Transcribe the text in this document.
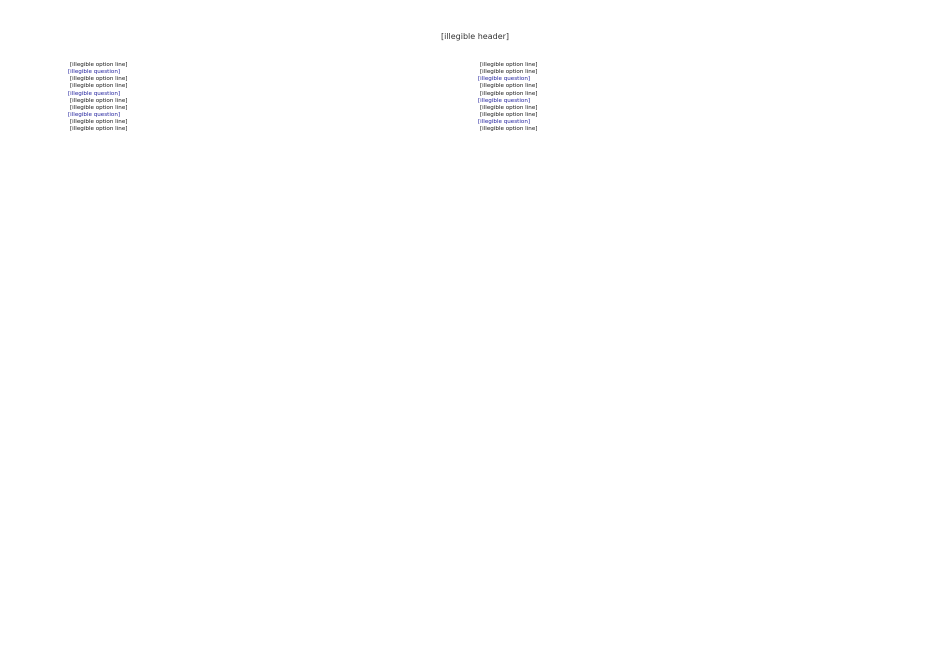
[illegible header]
[illegible option line]
[illegible question]
[illegible option line]
[illegible option line]
[illegible question]
[illegible option line]
[illegible option line]
[illegible question]
[illegible option line]
[illegible option line]
[illegible option line]
[illegible option line]
[illegible question]
[illegible option line]
[illegible option line]
[illegible question]
[illegible option line]
[illegible option line]
[illegible question]
[illegible option line]
